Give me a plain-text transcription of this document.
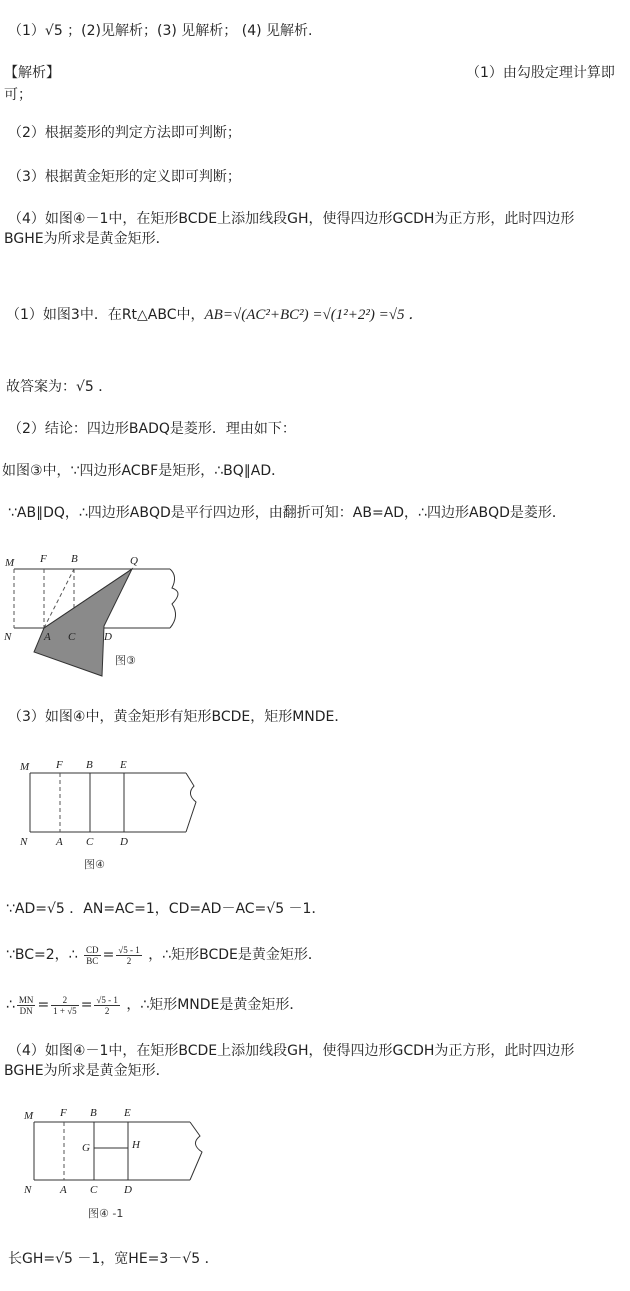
（1）√5 ；(2)见解析；(3) 见解析； (4) 见解析.
【解析】	（1）由勾股定理计算即
可；
（2）根据菱形的判定方法即可判断；
（3）根据黄金矩形的定义即可判断；
（4）如图④－1中，在矩形BCDE上添加线段GH，使得四边形GCDH为正方形，此时四边形
BGHE为所求是黄金矩形．
（1）如图3中．在Rt△ABC中，AB=√(AC²+BC²) =√(1²+2²) =√5 ．
故答案为：√5 ．
（2）结论：四边形BADQ是菱形．理由如下：
如图③中，∵四边形ACBF是矩形，∴BQ∥AD．
∵AB∥DQ，∴四边形ABQD是平行四边形，由翻折可知：AB=AD，∴四边形ABQD是菱形．
M F B	Q
N	A C	D
图③
（3）如图④中，黄金矩形有矩形BCDE，矩形MNDE．
M F B E
N	A C D
图④
∵AD=√5 ．AN=AC=1，CD=AD－AC=√5 －1．
∵BC=2，∴ $\frac{CD}{BC} = \frac{√5 - 1}{2}$ ，∴矩形BCDE是黄金矩形．
∴ $\frac{MN}{DN} = \frac{2}{1 + √5} = \frac{√5 - 1}{2}$ ，∴矩形MNDE是黄金矩形．
（4）如图④－1中，在矩形BCDE上添加线段GH，使得四边形GCDH为正方形，此时四边形
BGHE为所求是黄金矩形．
M F B E
G	H
N	A C D
图④ -1
长GH=√5 －1，宽HE=3－√5 ．
